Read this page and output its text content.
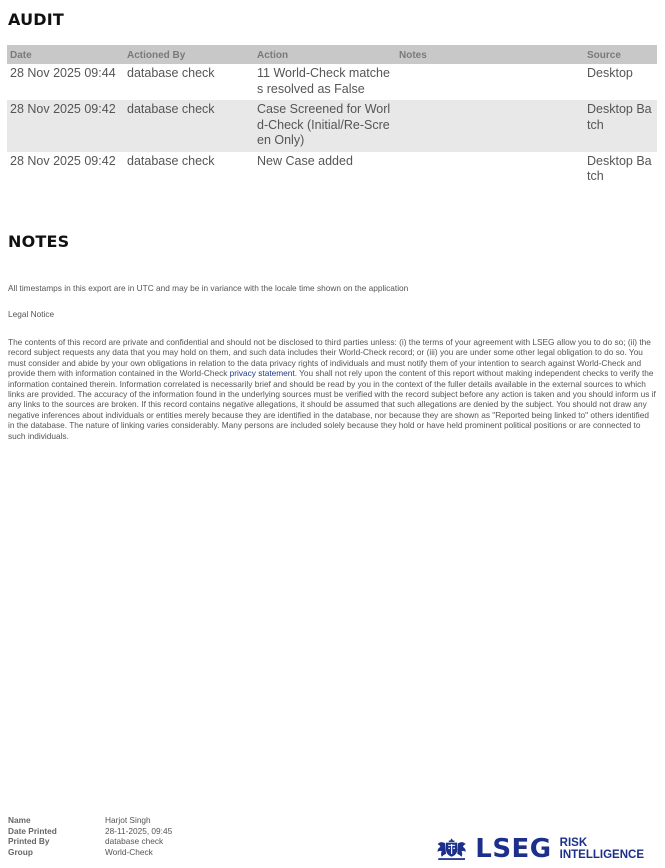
AUDIT
Date	Actioned By	Action	Notes	Source
28 Nov 2025 09:44	database check	11 World-Check matches resolved as False		Desktop
28 Nov 2025 09:42	database check	Case Screened for World-Check (Initial/Re-Screen Only)		Desktop Batch
28 Nov 2025 09:42	database check	New Case added		Desktop Batch
NOTES

All timestamps in this export are in UTC and may be in variance with the locale time shown on the application

Legal Notice

The contents of this record are private and confidential and should not be disclosed to third parties unless: (i) the terms of your agreement with LSEG allow you to do so; (ii) the record subject requests any data that you may hold on them, and such data includes their World-Check record; or (iii) you are under some other legal obligation to do so. You must consider and abide by your own obligations in relation to the data privacy rights of individuals and must notify them of your intention to search against World-Check and provide them with information contained in the World-Check privacy statement. You shall not rely upon the content of this report without making independent checks to verify the information contained therein. Information correlated is necessarily brief and should be read by you in the context of the fuller details available in the external sources to which links are provided. The accuracy of the information found in the underlying sources must be verified with the record subject before any action is taken and you should inform us if any links to the sources are broken. If this record contains negative allegations, it should be assumed that such allegations are denied by the subject. You should not draw any negative inferences about individuals or entities merely because they are identified in the database, nor because they are shown as "Reported being linked to" others identified in the database. The nature of linking varies considerably. Many persons are included solely because they hold or have held prominent political positions or are connected to such individuals.

Name	Harjot Singh
Date Printed	28-11-2025, 09:45
Printed By	database check
Group	World-Check	LSEG RISK
INTELLIGENCE
